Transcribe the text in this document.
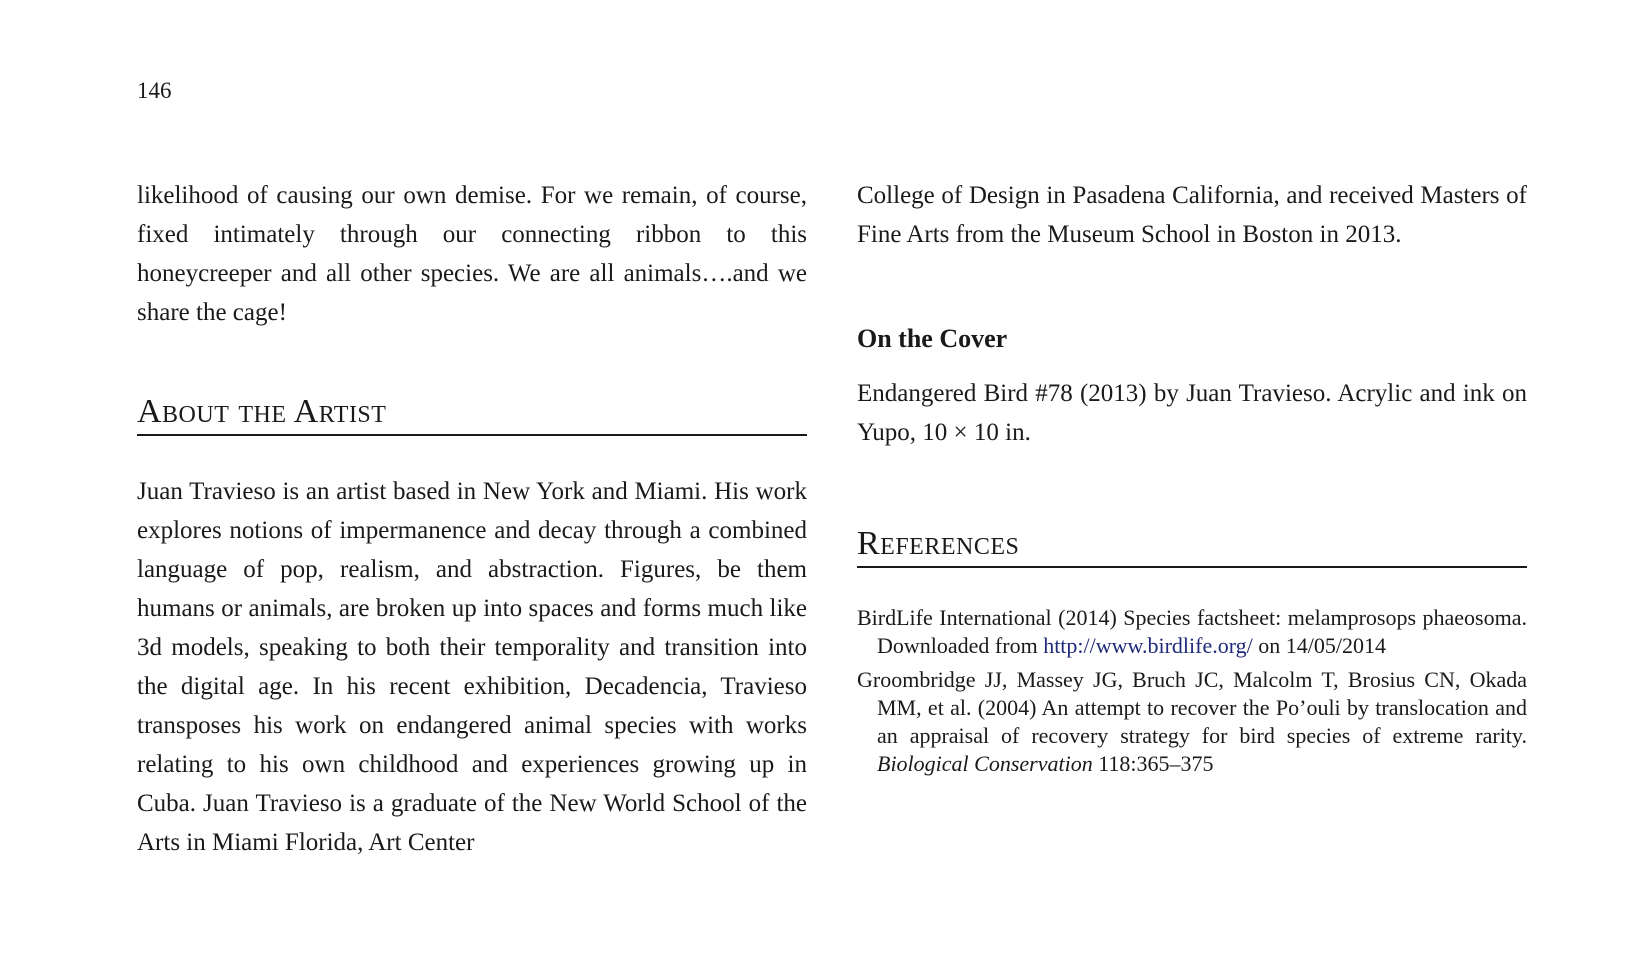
146

likelihood of causing our own demise. For we remain, of course, fixed intimately through our connecting ribbon to this honeycreeper and all other species. We are all animals….and we share the cage!

About the Artist

Juan Travieso is an artist based in New York and Miami. His work explores notions of impermanence and decay through a combined language of pop, realism, and abstraction. Figures, be them humans or animals, are broken up into spaces and forms much like 3d models, speaking to both their temporality and transition into the digital age. In his recent exhibition, Decadencia, Travieso transposes his work on endangered animal species with works relating to his own childhood and experiences growing up in Cuba. Juan Travieso is a graduate of the New World School of the Arts in Miami Florida, Art Center

College of Design in Pasadena California, and received Masters of Fine Arts from the Museum School in Boston in 2013.

On the Cover

Endangered Bird #78 (2013) by Juan Travieso. Acrylic and ink on Yupo, 10 × 10 in.

References
BirdLife International (2014) Species factsheet: melamprosops phaeosoma. Downloaded from http://www.birdlife.org/ on 14/05/2014
Groombridge JJ, Massey JG, Bruch JC, Malcolm T, Brosius CN, Okada MM, et al. (2004) An attempt to recover the Po’ouli by translocation and an appraisal of recovery strategy for bird species of extreme rarity. Biological Conservation 118:365–375
